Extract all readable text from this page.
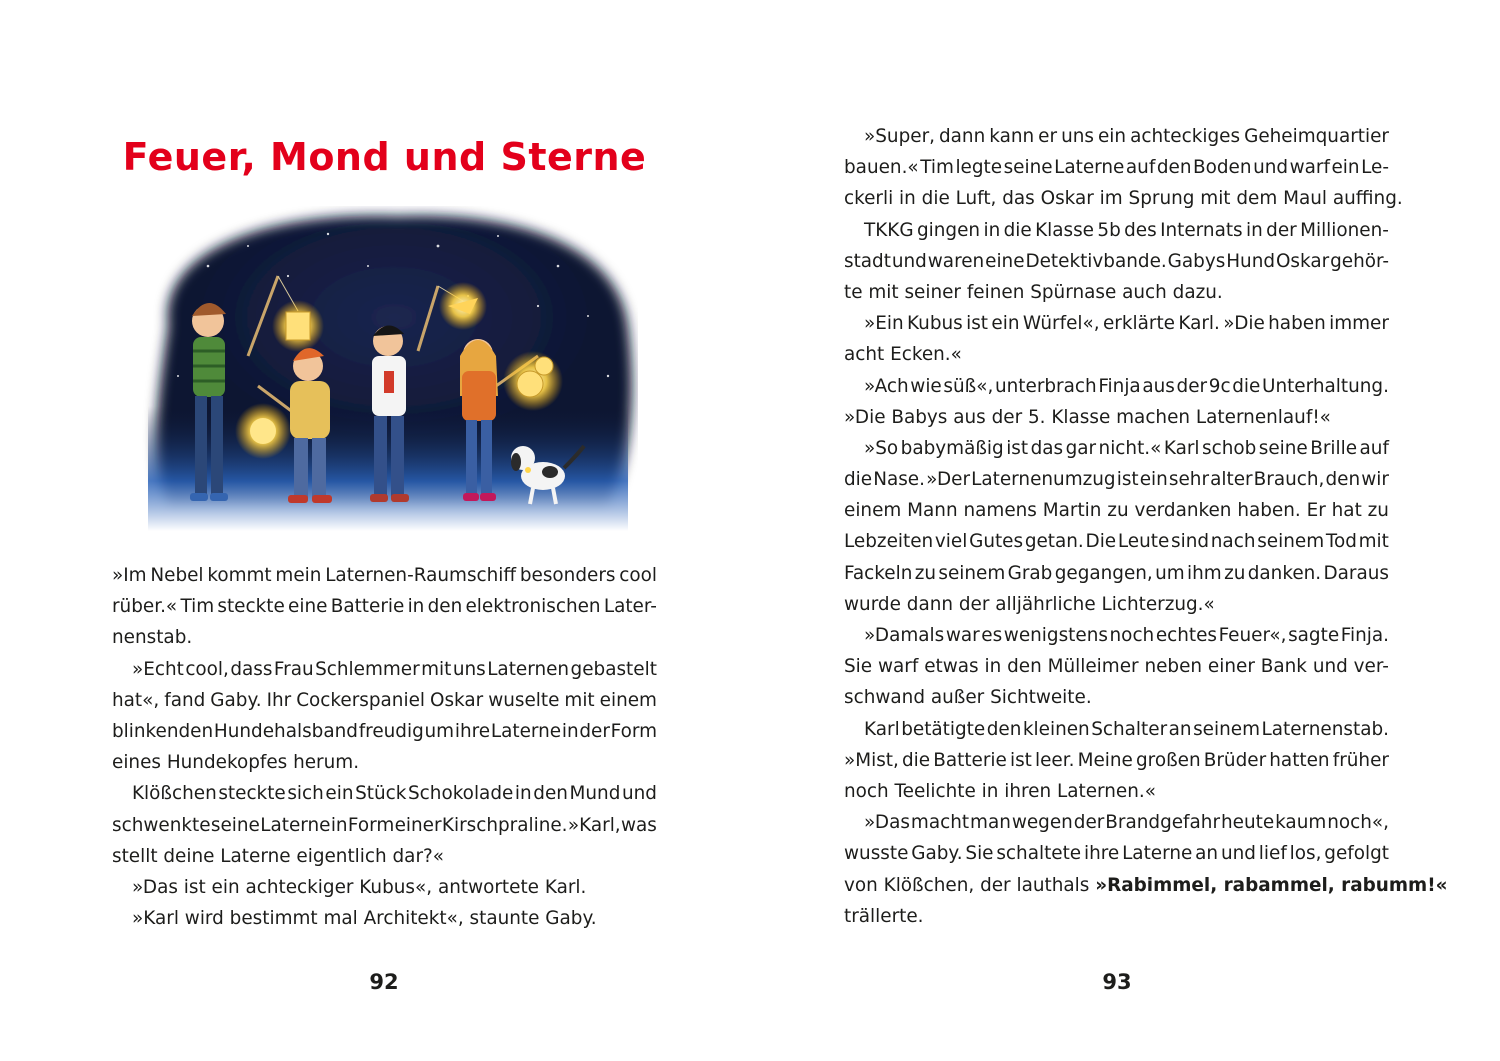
Feuer, Mond und Sterne
»Im Nebel kommt mein Laternen-Raumschiff besonders cool
rüber.« Tim steckte eine Batterie in den elektronischen Later-
nenstab.
»Echt cool, dass Frau Schlemmer mit uns Laternen gebastelt
hat«, fand Gaby. Ihr Cockerspaniel Oskar wuselte mit einem
blinkenden Hundehalsband freudig um ihre Laterne in der Form
eines Hundekopfes herum.
Klößchen steckte sich ein Stück Schokolade in den Mund und
schwenkte seine Laterne in Form einer Kirschpraline. »Karl, was
stellt deine Laterne eigentlich dar?«
»Das ist ein achteckiger Kubus«, antwortete Karl.
»Karl wird bestimmt mal Architekt«, staunte Gaby.
92
»Super, dann kann er uns ein achteckiges Geheimquartier
bauen.« Tim legte seine Laterne auf den Boden und warf ein Le-
ckerli in die Luft, das Oskar im Sprung mit dem Maul auffing.
TKKG gingen in die Klasse 5b des Internats in der Millionen-
stadt und waren eine Detektivbande. Gabys Hund Oskar gehör-
te mit seiner feinen Spürnase auch dazu.
»Ein Kubus ist ein Würfel«, erklärte Karl. »Die haben immer
acht Ecken.«
»Ach wie süß«, unterbrach Finja aus der 9c die Unterhaltung.
»Die Babys aus der 5. Klasse machen Laternenlauf!«
»So babymäßig ist das gar nicht.« Karl schob seine Brille auf
die Nase. »Der Laternenumzug ist ein sehr alter Brauch, den wir
einem Mann namens Martin zu verdanken haben. Er hat zu
Lebzeiten viel Gutes getan. Die Leute sind nach seinem Tod mit
Fackeln zu seinem Grab gegangen, um ihm zu danken. Daraus
wurde dann der alljährliche Lichterzug.«
»Damals war es wenigstens noch echtes Feuer«, sagte Finja.
Sie warf etwas in den Mülleimer neben einer Bank und ver-
schwand außer Sichtweite.
Karl betätigte den kleinen Schalter an seinem Laternenstab.
»Mist, die Batterie ist leer. Meine großen Brüder hatten früher
noch Teelichte in ihren Laternen.«
»Das macht man wegen der Brandgefahr heute kaum noch«,
wusste Gaby. Sie schaltete ihre Laterne an und lief los, gefolgt
von Klößchen, der lauthals »Rabimmel, rabammel, rabumm!«
trällerte.
93
